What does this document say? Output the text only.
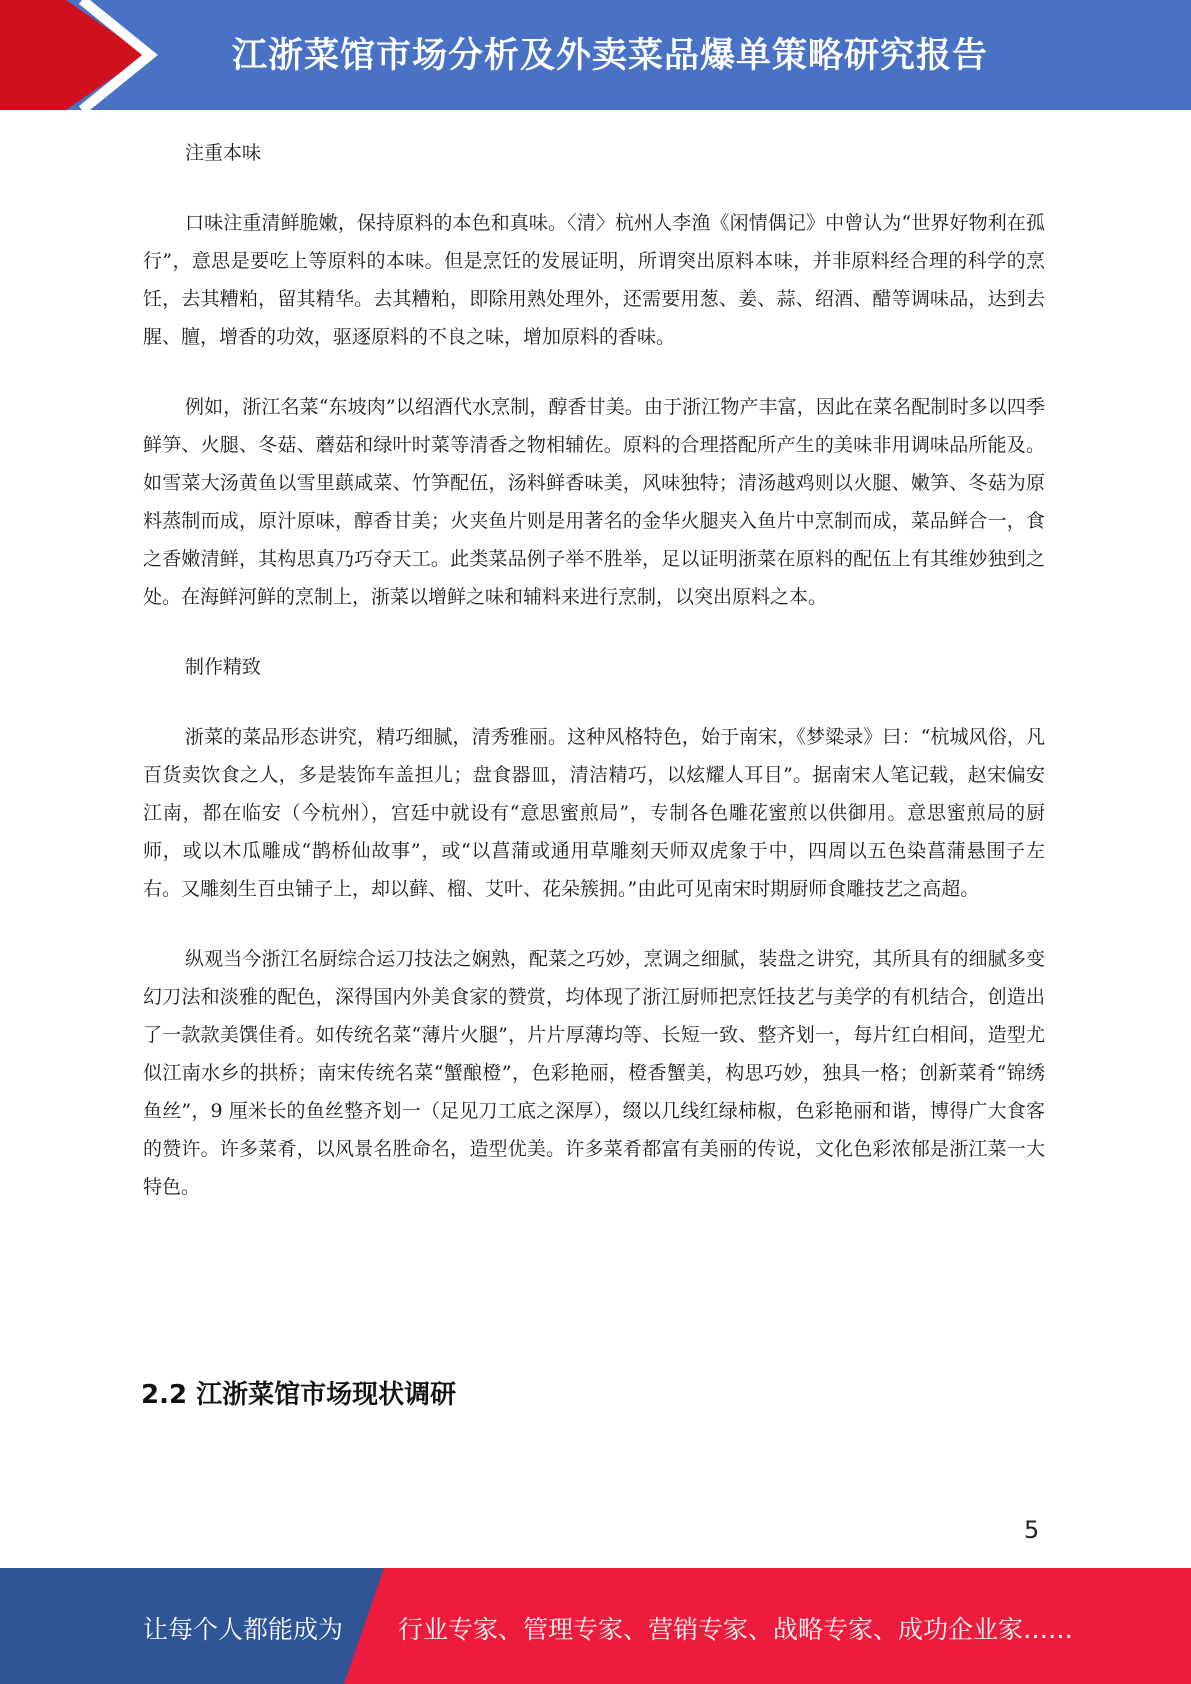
江浙菜馆市场分析及外卖菜品爆单策略研究报告

注重本味

口味注重清鲜脆嫩，保持原料的本色和真味。〈清〉杭州人李渔《闲情偶记》中曾认为“世界好物利在孤行”，意思是要吃上等原料的本味。但是烹饪的发展证明，所谓突出原料本味，并非原料经合理的科学的烹饪，去其糟粕，留其精华。去其糟粕，即除用熟处理外，还需要用葱、姜、蒜、绍酒、醋等调味品，达到去腥、膻，增香的功效，驱逐原料的不良之味，增加原料的香味。

例如，浙江名菜“东坡肉”以绍酒代水烹制，醇香甘美。由于浙江物产丰富，因此在菜名配制时多以四季鲜笋、火腿、冬菇、蘑菇和绿叶时菜等清香之物相辅佐。原料的合理搭配所产生的美味非用调味品所能及。如雪菜大汤黄鱼以雪里蕻咸菜、竹笋配伍，汤料鲜香味美，风味独特；清汤越鸡则以火腿、嫩笋、冬菇为原料蒸制而成，原汁原味，醇香甘美；火夹鱼片则是用著名的金华火腿夹入鱼片中烹制而成，菜品鲜合一，食之香嫩清鲜，其构思真乃巧夺天工。此类菜品例子举不胜举，足以证明浙菜在原料的配伍上有其维妙独到之处。在海鲜河鲜的烹制上，浙菜以增鲜之味和辅料来进行烹制，以突出原料之本。

制作精致

浙菜的菜品形态讲究，精巧细腻，清秀雅丽。这种风格特色，始于南宋，《梦粱录》曰：“杭城风俗，凡百货卖饮食之人，多是装饰车盖担儿；盘食器皿，清洁精巧，以炫耀人耳目”。据南宋人笔记载，赵宋偏安江南，都在临安（今杭州），宫廷中就设有“意思蜜煎局”，专制各色雕花蜜煎以供御用。意思蜜煎局的厨师，或以木瓜雕成“鹊桥仙故事”，或“以菖蒲或通用草雕刻天师双虎象于中，四周以五色染菖蒲悬围子左右。又雕刻生百虫铺子上，却以藓、榴、艾叶、花朵簇拥。”由此可见南宋时期厨师食雕技艺之高超。

纵观当今浙江名厨综合运刀技法之娴熟，配菜之巧妙，烹调之细腻，装盘之讲究，其所具有的细腻多变幻刀法和淡雅的配色，深得国内外美食家的赞赏，均体现了浙江厨师把烹饪技艺与美学的有机结合，创造出了一款款美馔佳肴。如传统名菜“薄片火腿”，片片厚薄均等、长短一致、整齐划一，每片红白相间，造型尤似江南水乡的拱桥；南宋传统名菜“蟹酿橙”，色彩艳丽，橙香蟹美，构思巧妙，独具一格；创新菜肴“锦绣鱼丝”，9 厘米长的鱼丝整齐划一（足见刀工底之深厚），缀以几线红绿柿椒，色彩艳丽和谐，博得广大食客的赞许。许多菜肴，以风景名胜命名，造型优美。许多菜肴都富有美丽的传说，文化色彩浓郁是浙江菜一大特色。

2.2 江浙菜馆市场现状调研
5
让每个人都能成为 行业专家、管理专家、营销专家、战略专家、成功企业家……
